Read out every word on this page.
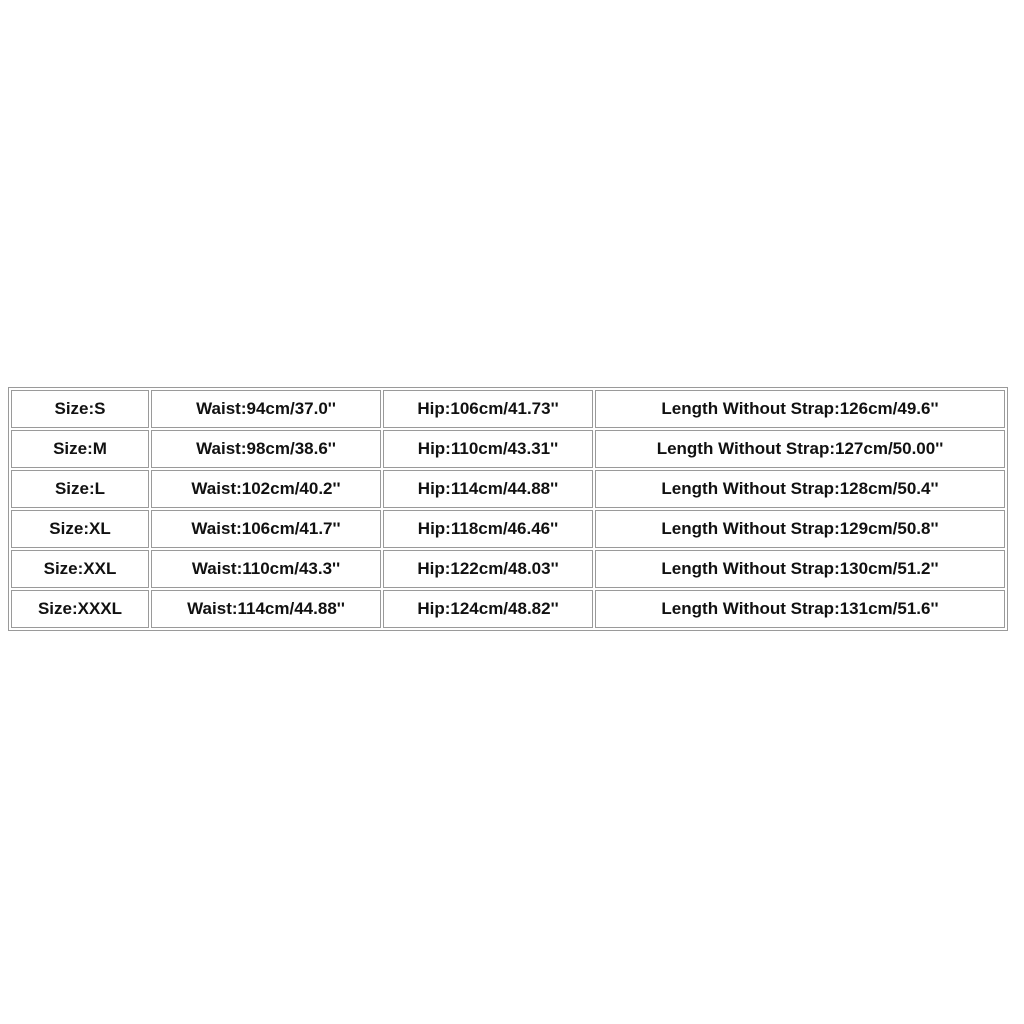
Size:S	Waist:94cm/37.0''	Hip:106cm/41.73''	Length Without Strap:126cm/49.6''
Size:M	Waist:98cm/38.6''	Hip:110cm/43.31''	Length Without Strap:127cm/50.00''
Size:L	Waist:102cm/40.2''	Hip:114cm/44.88''	Length Without Strap:128cm/50.4''
Size:XL	Waist:106cm/41.7''	Hip:118cm/46.46''	Length Without Strap:129cm/50.8''
Size:XXL	Waist:110cm/43.3''	Hip:122cm/48.03''	Length Without Strap:130cm/51.2''
Size:XXXL	Waist:114cm/44.88''	Hip:124cm/48.82''	Length Without Strap:131cm/51.6''
